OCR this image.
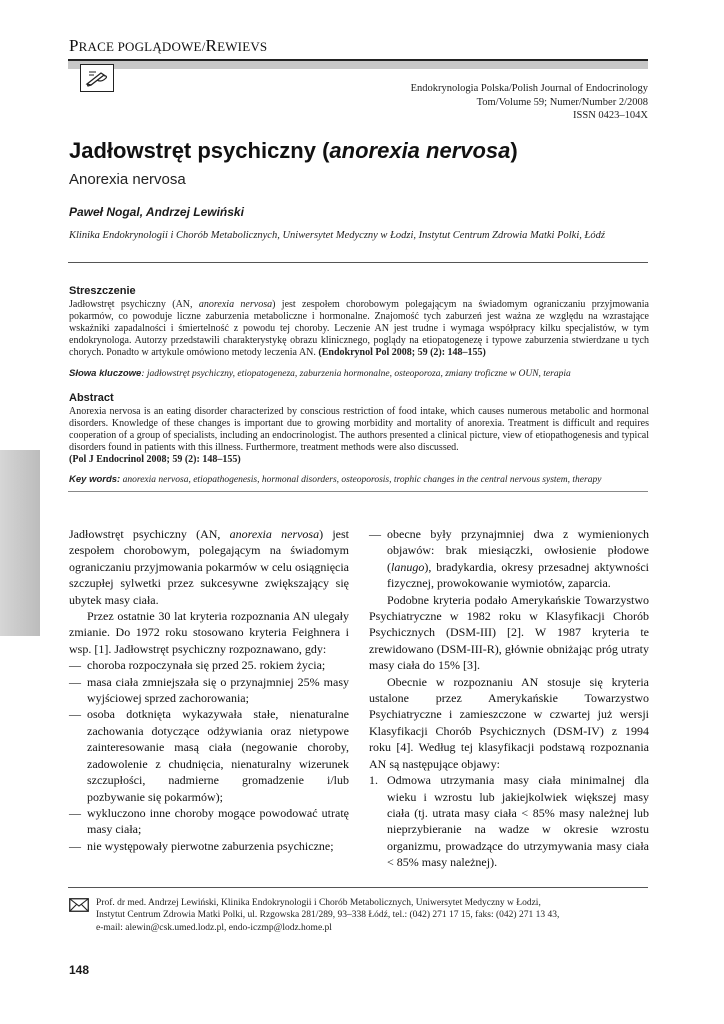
PRACE POGLĄDOWE/REWIEVS
Endokrynologia Polska/Polish Journal of Endocrinology
Tom/Volume 59; Numer/Number 2/2008
ISSN 0423–104X
Jadłowstręt psychiczny (anorexia nervosa)
Anorexia nervosa
Paweł Nogal, Andrzej Lewiński
Klinika Endokrynologii i Chorób Metabolicznych, Uniwersytet Medyczny w Łodzi, Instytut Centrum Zdrowia Matki Polki, Łódź
Streszczenie
Jadłowstręt psychiczny (AN, anorexia nervosa) jest zespołem chorobowym polegającym na świadomym ograniczaniu przyjmowania pokarmów, co powoduje liczne zaburzenia metaboliczne i hormonalne. Znajomość tych zaburzeń jest ważna ze względu na wzrastające wskaźniki zapadalności i śmiertelność z powodu tej choroby. Leczenie AN jest trudne i wymaga współpracy kilku specjalistów, w tym endokrynologa. Autorzy przedstawili charakterystykę obrazu klinicznego, poglądy na etiopatogenezę i typowe zaburzenia stwierdzane u tych chorych. Ponadto w artykule omówiono metody leczenia AN. (Endokrynol Pol 2008; 59 (2): 148–155)
Słowa kluczowe: jadłowstręt psychiczny, etiopatogeneza, zaburzenia hormonalne, osteoporoza, zmiany troficzne w OUN, terapia
Abstract
Anorexia nervosa is an eating disorder characterized by conscious restriction of food intake, which causes numerous metabolic and hormonal disorders. Knowledge of these changes is important due to growing morbidity and mortality of anorexia. Treatment is difficult and requires cooperation of a group of specialists, including an endocrinologist. The authors presented a clinical picture, view of etiopathogenesis and typical disorders found in patients with this illness. Furthermore, treatment methods were also discussed.
(Pol J Endocrinol 2008; 59 (2): 148–155)
Key words: anorexia nervosa, etiopathogenesis, hormonal disorders, osteoporosis, trophic changes in the central nervous system, therapy

Jadłowstręt psychiczny (AN, anorexia nervosa) jest zespołem chorobowym, polegającym na świadomym ograniczaniu przyjmowania pokarmów w celu osiągnięcia szczupłej sylwetki przez sukcesywne zwiększający się ubytek masy ciała.

Przez ostatnie 30 lat kryteria rozpoznania AN ulegały zmianie. Do 1972 roku stosowano kryteria Feighnera i wsp. [1]. Jadłowstręt psychiczny rozpoznawano, gdy:

— choroba rozpoczynała się przed 25. rokiem życia;
— masa ciała zmniejszała się o przynajmniej 25% masy wyjściowej sprzed zachorowania;
— osoba dotknięta wykazywała stałe, nienaturalne zachowania dotyczące odżywiania oraz nietypowe zainteresowanie masą ciała (negowanie choroby, zadowolenie z chudnięcia, nienaturalny wizerunek szczupłości, nadmierne gromadzenie i/lub pozbywanie się pokarmów);
— wykluczono inne choroby mogące powodować utratę masy ciała;
— nie występowały pierwotne zaburzenia psychiczne;
— obecne były przynajmniej dwa z wymienionych objawów: brak miesiączki, owłosienie płodowe (lanugo), bradykardia, okresy przesadnej aktywności fizycznej, prowokowanie wymiotów, zaparcia.

Podobne kryteria podało Amerykańskie Towarzystwo Psychiatryczne w 1982 roku w Klasyfikacji Chorób Psychicznych (DSM-III) [2]. W 1987 kryteria te zrewidowano (DSM-III-R), głównie obniżając próg utraty masy ciała do 15% [3].

Obecnie w rozpoznaniu AN stosuje się kryteria ustalone przez Amerykańskie Towarzystwo Psychiatryczne i zamieszczone w czwartej już wersji Klasyfikacji Chorób Psychicznych (DSM-IV) z 1994 roku [4]. Według tej klasyfikacji podstawą rozpoznania AN są następujące objawy:

1. Odmowa utrzymania masy ciała minimalnej dla wieku i wzrostu lub jakiejkolwiek większej masy ciała (tj. utrata masy ciała < 85% masy należnej lub nieprzybieranie na wadze w okresie wzrostu organizmu, prowadzące do utrzymywania masy ciała < 85% masy należnej).
Prof. dr med. Andrzej Lewiński, Klinika Endokrynologii i Chorób Metabolicznych, Uniwersytet Medyczny w Łodzi,
Instytut Centrum Zdrowia Matki Polki, ul. Rzgowska 281/289, 93–338 Łódź, tel.: (042) 271 17 15, faks: (042) 271 13 43,
e-mail: alewin@csk.umed.lodz.pl, endo-iczmp@lodz.home.pl
148
